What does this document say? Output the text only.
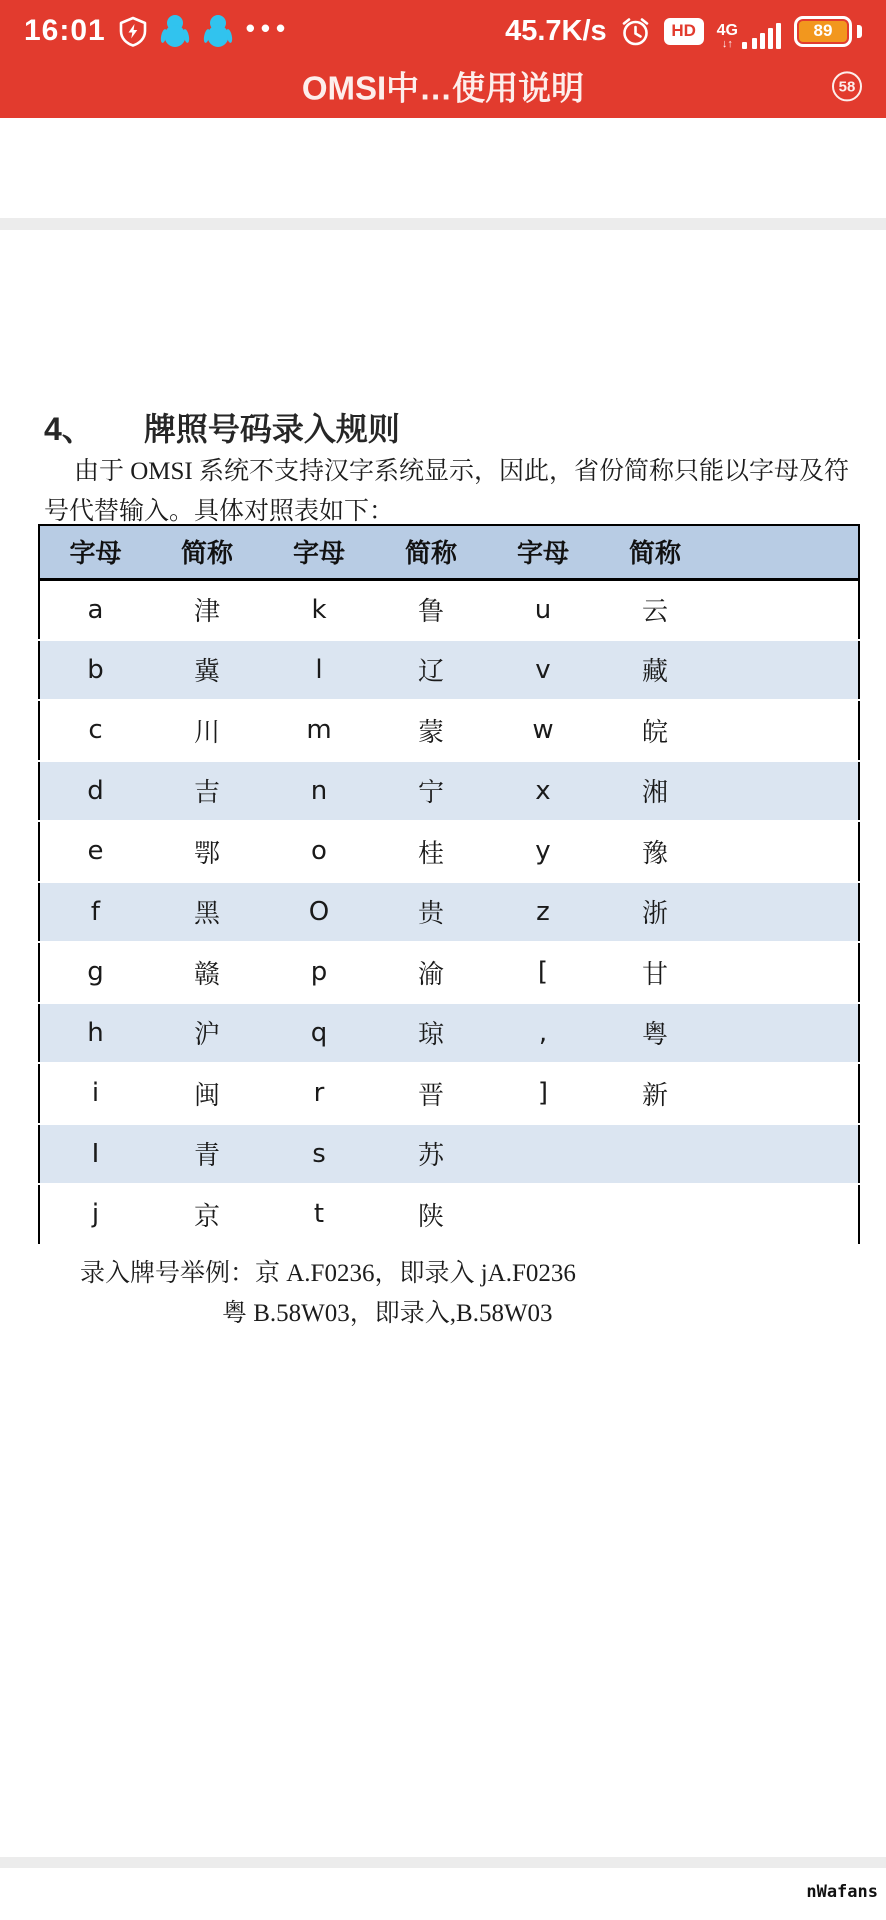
16:01	•••	45.7K/s	HD	4G
↓↑
89
OMSI中…使用说明	58
4、 牌照号码录入规则

由于 OMSI 系统不支持汉字系统显示，因此，省份简称只能以字母及符号代替输入。具体对照表如下：

字母	简称	字母	简称	字母	简称	
a	津	k	鲁	u	云	
b	冀	l	辽	v	藏	
c	川	m	蒙	w	皖	
d	吉	n	宁	x	湘	
e	鄂	o	桂	y	豫	
f	黑	O	贵	z	浙	
g	赣	p	渝	[	甘	
h	沪	q	琼	,	粤	
i	闽	r	晋	]	新	
I	青	s	苏			
j	京	t	陕			
录入牌号举例：京 A.F0236，即录入 jA.F0236
粤 B.58W03，即录入,B.58W03
nWafans
